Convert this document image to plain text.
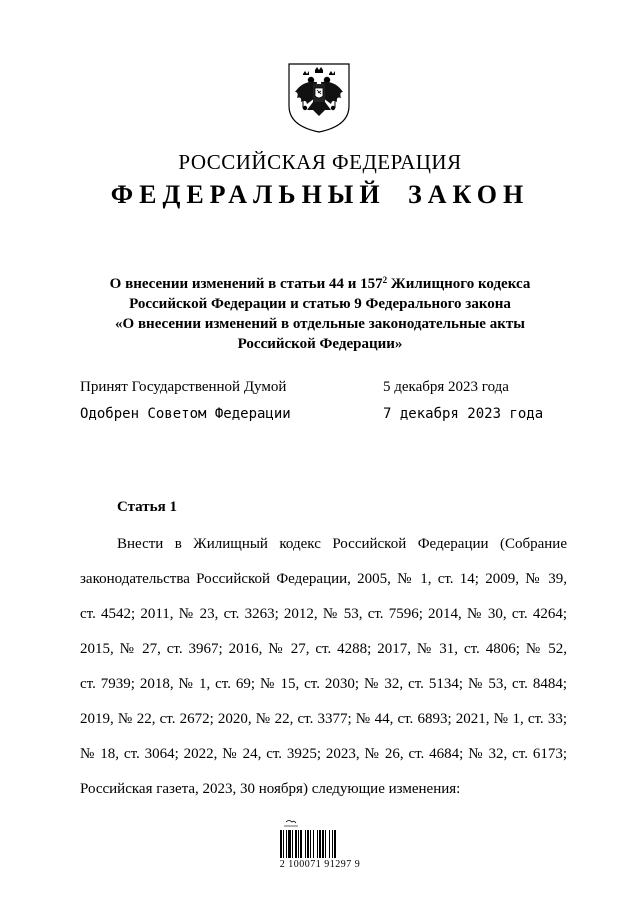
РОССИЙСКАЯ ФЕДЕРАЦИЯ
ФЕДЕРАЛЬНЫЙ ЗАКОН
О внесении изменений в статьи 44 и $157^2$ Жилищного кодекса
Российской Федерации и статью 9 Федерального закона
«О внесении изменений в отдельные законодательные акты
Российской Федерации»
Принят Государственной Думой	5 декабря 2023 года
Одобрен Советом Федерации	7 декабря 2023 года
Статья 1
Внести в Жилищный кодекс Российской Федерации (Собрание
законодательства Российской Федерации, 2005, № 1, ст. 14; 2009, № 39,
ст. 4542; 2011, № 23, ст. 3263; 2012, № 53, ст. 7596; 2014, № 30, ст. 4264;
2015, № 27, ст. 3967; 2016, № 27, ст. 4288; 2017, № 31, ст. 4806; № 52,
ст. 7939; 2018, № 1, ст. 69; № 15, ст. 2030; № 32, ст. 5134; № 53, ст. 8484;
2019, № 22, ст. 2672; 2020, № 22, ст. 3377; № 44, ст. 6893; 2021, № 1, ст. 33;
№ 18, ст. 3064; 2022, № 24, ст. 3925; 2023, № 26, ст. 4684; № 32, ст. 6173;
Российская газета, 2023, 30 ноября) следующие изменения:
2 100071 91297 9
